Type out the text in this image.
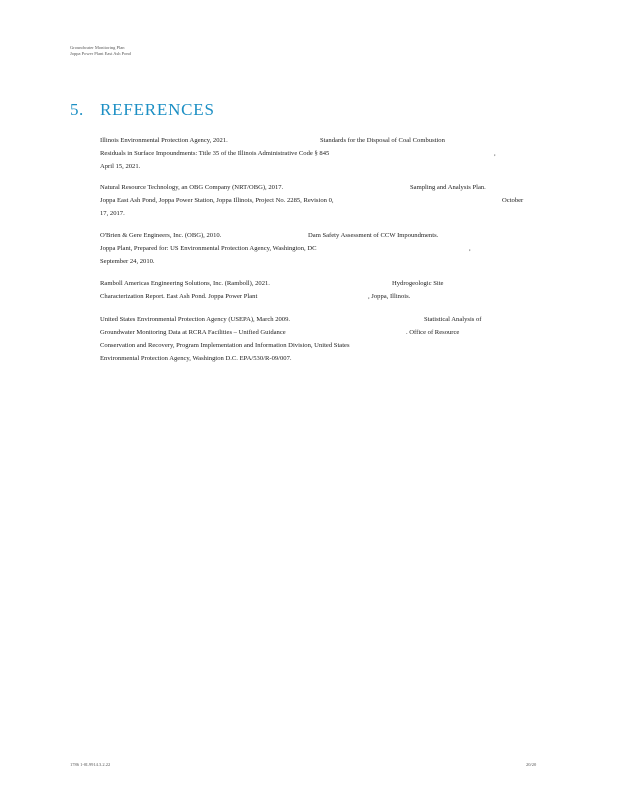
Groundwater Monitoring Plan
Joppa Power Plant East Ash Pond
5. REFERENCES
Illinois Environmental Protection Agency, 2021.	Standards for the Disposal of Coal Combustion
Residuals in Surface Impoundments: Title 35 of the Illinois Administrative Code § 845	,
April 15, 2021.
Natural Resource Technology, an OBG Company (NRT/OBG), 2017.	Sampling and Analysis Plan.
Joppa East Ash Pond, Joppa Power Station, Joppa Illinois, Project No. 2285, Revision 0,	October
17, 2017.
O'Brien & Gere Engineers, Inc. (OBG), 2010.	Dam Safety Assessment of CCW Impoundments.
Joppa Plant, Prepared for: US Environmental Protection Agency, Washington, DC	,
September 24, 2010.
Ramboll Americas Engineering Solutions, Inc. (Ramboll), 2021.	Hydrogeologic Site
Characterization Report. East Ash Pond. Joppa Power Plant	, Joppa, Illinois.
United States Environmental Protection Agency (USEPA), March 2009.	Statistical Analysis of
Groundwater Monitoring Data at RCRA Facilities – Unified Guidance	. Office of Resource
Conservation and Recovery, Program Implementation and Information Division, United States
Environmental Protection Agency, Washington D.C. EPA/530/R-09/007.
1786 1-0L9914.3.2.22	20/20
